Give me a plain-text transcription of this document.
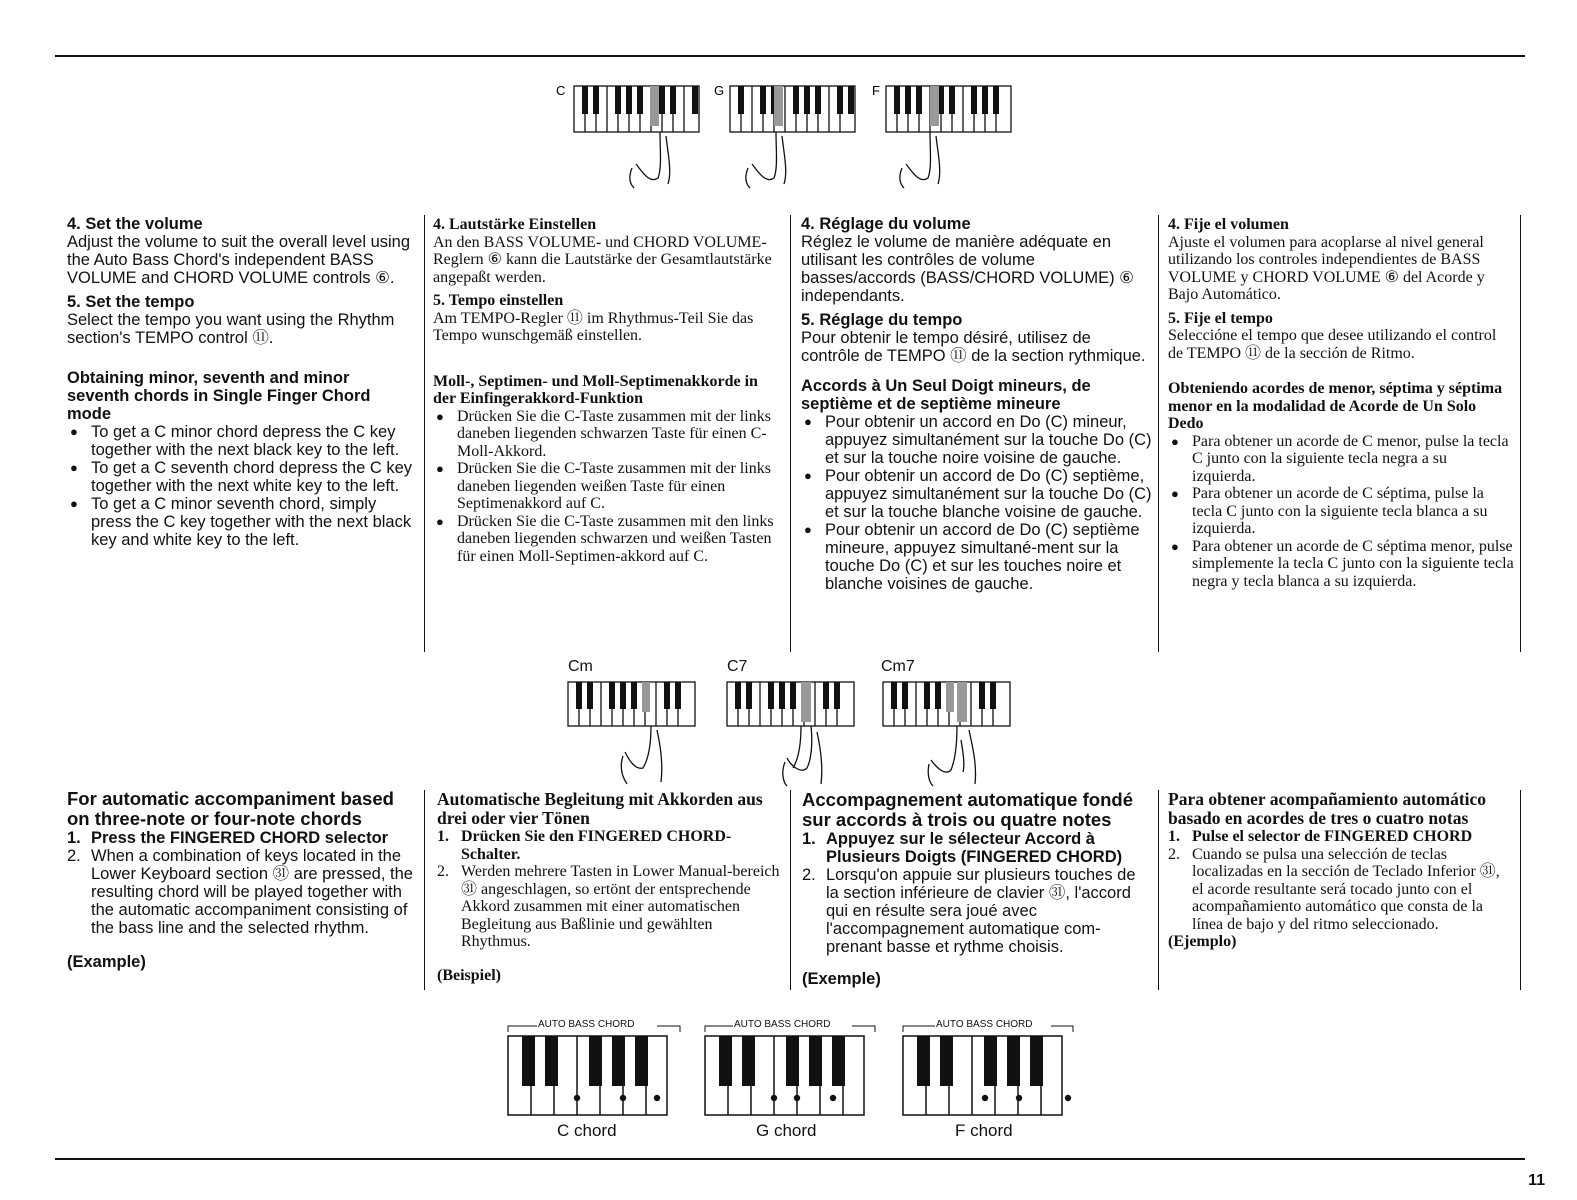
C	G	F
4. Set the volume

Adjust the volume to suit the overall level using the Auto Bass Chord's independent BASS VOLUME and CHORD VOLUME controls ⑥.

5. Set the tempo

Select the tempo you want using the Rhythm section's TEMPO control ⑪.

Obtaining minor, seventh and minor seventh chords in Single Finger Chord mode
● To get a C minor chord depress the C key together with the next black key to the left.
● To get a C seventh chord depress the C key together with the next white key to the left.
● To get a C minor seventh chord, simply press the C key together with the next black key and white key to the left.
4. Lautstärke Einstellen

An den BASS VOLUME- und CHORD VOLUME-Reglern ⑥ kann die Lautstärke der Gesamtlautstärke angepaßt werden.

5. Tempo einstellen

Am TEMPO-Regler ⑪ im Rhythmus-Teil Sie das Tempo wunschgemäß einstellen.

Moll-, Septimen- und Moll-Septimenakkorde in der Einfingerakkord-Funktion
● Drücken Sie die C-Taste zusammen mit der links daneben liegenden schwarzen Taste für einen C-Moll-Akkord.
● Drücken Sie die C-Taste zusammen mit der links daneben liegenden weißen Taste für einen Septimenakkord auf C.
● Drücken Sie die C-Taste zusammen mit den links daneben liegenden schwarzen und weißen Tasten für einen Moll-Septimen-akkord auf C.
4. Réglage du volume

Réglez le volume de manière adéquate en utilisant les contrôles de volume basses/accords (BASS/CHORD VOLUME) ⑥ independants.

5. Réglage du tempo

Pour obtenir le tempo désiré, utilisez de contrôle de TEMPO ⑪ de la section rythmique.

Accords à Un Seul Doigt mineurs, de septième et de septième mineure
● Pour obtenir un accord en Do (C) mineur, appuyez simultanément sur la touche Do (C) et sur la touche noire voisine de gauche.
● Pour obtenir un accord de Do (C) septième, appuyez simultanément sur la touche Do (C) et sur la touche blanche voisine de gauche.
● Pour obtenir un accord de Do (C) septième mineure, appuyez simultané-ment sur la touche Do (C) et sur les touches noire et blanche voisines de gauche.
4. Fije el volumen

Ajuste el volumen para acoplarse al nivel general utilizando los controles independientes de BASS VOLUME y CHORD VOLUME ⑥ del Acorde y Bajo Automático.

5. Fije el tempo

Seleccióne el tempo que desee utilizando el control de TEMPO ⑪ de la sección de Ritmo.

Obteniendo acordes de menor, séptima y séptima menor en la modalidad de Acorde de Un Solo Dedo
● Para obtener un acorde de C menor, pulse la tecla C junto con la siguiente tecla negra a su izquierda.
● Para obtener un acorde de C séptima, pulse la tecla C junto con la siguiente tecla blanca a su izquierda.
● Para obtener un acorde de C séptima menor, pulse simplemente la tecla C junto con la siguiente tecla negra y tecla blanca a su izquierda.
Cm	C7	Cm7
For automatic accompaniment based on three-note or four-note chords
1. Press the FINGERED CHORD selector
2. When a combination of keys located in the Lower Keyboard section ㉛ are pressed, the resulting chord will be played together with the automatic accompaniment consisting of the bass line and the selected rhythm.
(Example)
Automatische Begleitung mit Akkorden aus drei oder vier Tönen
1. Drücken Sie den FINGERED CHORD-Schalter.
2. Werden mehrere Tasten in Lower Manual-bereich ㉛ angeschlagen, so ertönt der entsprechende Akkord zusammen mit einer automatischen Begleitung aus Baßlinie und gewählten Rhythmus.
(Beispiel)
Accompagnement automatique fondé sur accords à trois ou quatre notes
1. Appuyez sur le sélecteur Accord à Plusieurs Doigts (FINGERED CHORD)
2. Lorsqu'on appuie sur plusieurs touches de la section inférieure de clavier ㉛, l'accord qui en résulte sera joué avec l'accompagnement automatique com-prenant basse et rythme choisis.
(Exemple)
Para obtener acompañamiento automático basado en acordes de tres o cuatro notas
1. Pulse el selector de FINGERED CHORD
2. Cuando se pulsa una selección de teclas localizadas en la sección de Teclado Inferior ㉛, el acorde resultante será tocado junto con el acompañamiento automático que consta de la línea de bajo y del ritmo seleccionado.
(Ejemplo)
AUTO BASS CHORD	AUTO BASS CHORD	AUTO BASS CHORD
C chord	G chord	F chord
11
